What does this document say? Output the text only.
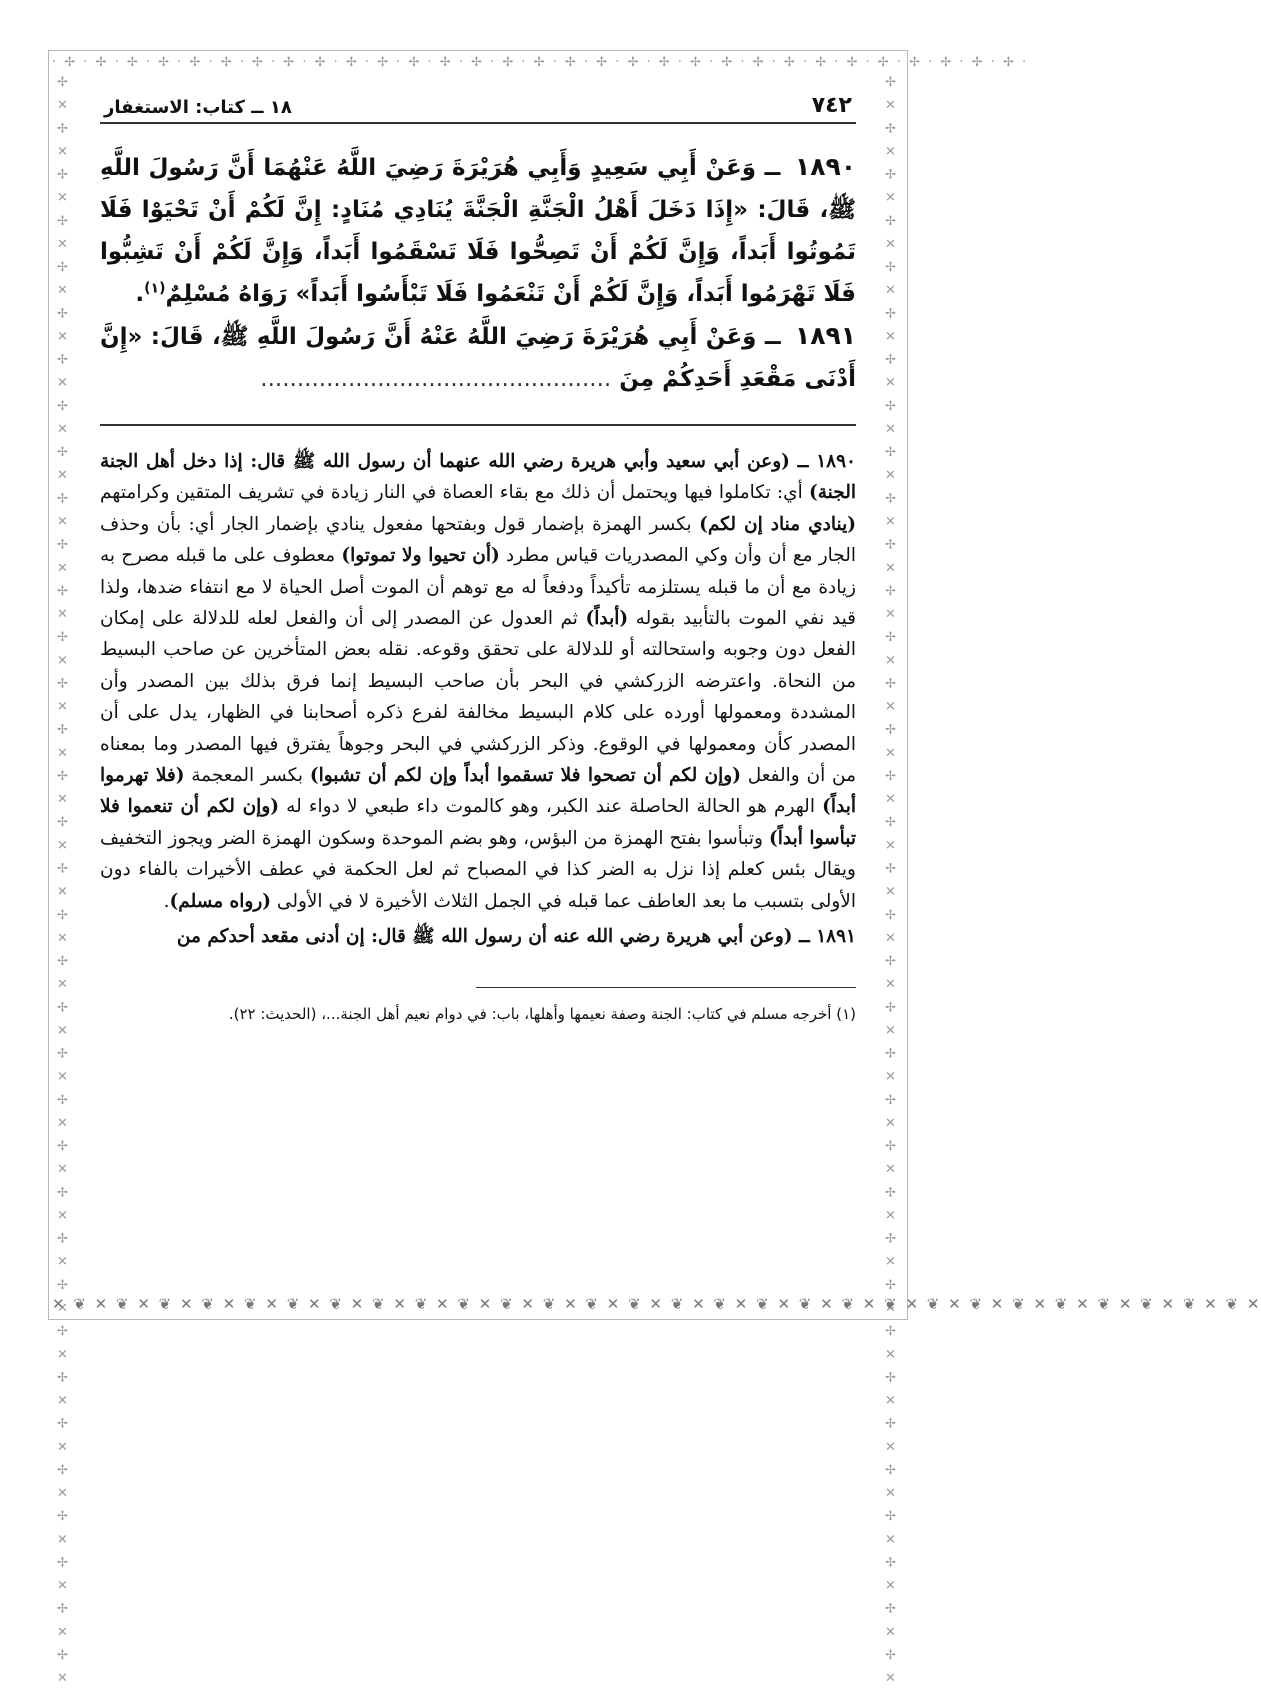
· ✢ · ✢ · ✢ · ✢ · ✢ · ✢ · ✢ · ✢ · ✢ · ✢ · ✢ · ✢ · ✢ · ✢ · ✢ · ✢ · ✢ · ✢ · ✢ · ✢ · ✢ · ✢ · ✢ · ✢ · ✢ · ✢ · ✢ · ✢ · ✢ · ✢ · ✢ ·
✢ ✕ ✢ ✕ ✢ ✕ ✢ ✕ ✢ ✕ ✢ ✕ ✢ ✕ ✢ ✕ ✢ ✕ ✢ ✕ ✢ ✕ ✢ ✕ ✢ ✕ ✢ ✕ ✢ ✕ ✢ ✕ ✢ ✕ ✢ ✕ ✢ ✕ ✢ ✕ ✢ ✕ ✢ ✕ ✢ ✕ ✢ ✕ ✢ ✕ ✢ ✕ ✢ ✕ ✢ ✕ ✢ ✕ ✢ ✕ ✢ ✕ ✢ ✕ ✢ ✕ ✢ ✕ ✢ ✕	✢ ✕ ✢ ✕ ✢ ✕ ✢ ✕ ✢ ✕ ✢ ✕ ✢ ✕ ✢ ✕ ✢ ✕ ✢ ✕ ✢ ✕ ✢ ✕ ✢ ✕ ✢ ✕ ✢ ✕ ✢ ✕ ✢ ✕ ✢ ✕ ✢ ✕ ✢ ✕ ✢ ✕ ✢ ✕ ✢ ✕ ✢ ✕ ✢ ✕ ✢ ✕ ✢ ✕ ✢ ✕ ✢ ✕ ✢ ✕ ✢ ✕ ✢ ✕ ✢ ✕ ✢ ✕ ✢ ✕
✕ ❦ ✕ ❦ ✕ ❦ ✕ ❦ ✕ ❦ ✕ ❦ ✕ ❦ ✕ ❦ ✕ ❦ ✕ ❦ ✕ ❦ ✕ ❦ ✕ ❦ ✕ ❦ ✕ ❦ ✕ ❦ ✕ ❦ ✕ ❦ ✕ ❦ ✕ ❦ ✕ ❦ ✕ ❦ ✕ ❦ ✕ ❦ ✕ ❦ ✕ ❦ ✕ ❦ ✕ ❦ ✕
٧٤٢
١٨ ــ كتاب: الاستغفار

١٨٩٠ ــ وَعَنْ أَبِي سَعِيدٍ وَأَبِي هُرَيْرَةَ رَضِيَ اللَّهُ عَنْهُمَا أَنَّ رَسُولَ اللَّهِ ﷺ، قَالَ: «إِذَا دَخَلَ أَهْلُ الْجَنَّةِ الْجَنَّةَ يُنَادِي مُنَادٍ: إِنَّ لَكُمْ أَنْ تَحْيَوْا فَلَا تَمُوتُوا أَبَداً، وَإِنَّ لَكُمْ أَنْ تَصِحُّوا فَلَا تَسْقَمُوا أَبَداً، وَإِنَّ لَكُمْ أَنْ تَشِبُّوا فَلَا تَهْرَمُوا أَبَداً، وَإِنَّ لَكُمْ أَنْ تَنْعَمُوا فَلَا تَبْأَسُوا أَبَداً» رَوَاهُ مُسْلِمٌ$^{(١)}$.

١٨٩١ ــ وَعَنْ أَبِي هُرَيْرَةَ رَضِيَ اللَّهُ عَنْهُ أَنَّ رَسُولَ اللَّهِ ﷺ، قَالَ: «إِنَّ أَدْنَى مَقْعَدِ أَحَدِكُمْ مِنَ ................................................

١٨٩٠ ــ (وعن أبي سعيد وأبي هريرة رضي الله عنهما أن رسول الله ﷺ قال: إذا دخل أهل الجنة الجنة) أي: تكاملوا فيها ويحتمل أن ذلك مع بقاء العصاة في النار زيادة في تشريف المتقين وكرامتهم (ينادي مناد إن لكم) بكسر الهمزة بإضمار قول وبفتحها مفعول ينادي بإضمار الجار أي: بأن وحذف الجار مع أن وأن وكي المصدريات قياس مطرد (أن تحيوا ولا تموتوا) معطوف على ما قبله مصرح به زيادة مع أن ما قبله يستلزمه تأكيداً ودفعاً له مع توهم أن الموت أصل الحياة لا مع انتفاء ضدها، ولذا قيد نفي الموت بالتأبيد بقوله (أبداً) ثم العدول عن المصدر إلى أن والفعل لعله للدلالة على إمكان الفعل دون وجوبه واستحالته أو للدلالة على تحقق وقوعه. نقله بعض المتأخرين عن صاحب البسيط من النحاة. واعترضه الزركشي في البحر بأن صاحب البسيط إنما فرق بذلك بين المصدر وأن المشددة ومعمولها أورده على كلام البسيط مخالفة لفرع ذكره أصحابنا في الظهار، يدل على أن المصدر كأن ومعمولها في الوقوع. وذكر الزركشي في البحر وجوهاً يفترق فيها المصدر وما بمعناه من أن والفعل (وإن لكم أن تصحوا فلا تسقموا أبداً وإن لكم أن تشبوا) بكسر المعجمة (فلا تهرموا أبداً) الهرم هو الحالة الحاصلة عند الكبر، وهو كالموت داء طبعي لا دواء له (وإن لكم أن تنعموا فلا تبأسوا أبداً) وتبأسوا بفتح الهمزة من البؤس، وهو بضم الموحدة وسكون الهمزة الضر ويجوز التخفيف ويقال بئس كعلم إذا نزل به الضر كذا في المصباح ثم لعل الحكمة في عطف الأخيرات بالفاء دون الأولى بتسبب ما بعد العاطف عما قبله في الجمل الثلاث الأخيرة لا في الأولى (رواه مسلم).

١٨٩١ ــ (وعن أبي هريرة رضي الله عنه أن رسول الله ﷺ قال: إن أدنى مقعد أحدكم من

(١) أخرجه مسلم في كتاب: الجنة وصفة نعيمها وأهلها، باب: في دوام نعيم أهل الجنة...، (الحديث: ٢٢).
